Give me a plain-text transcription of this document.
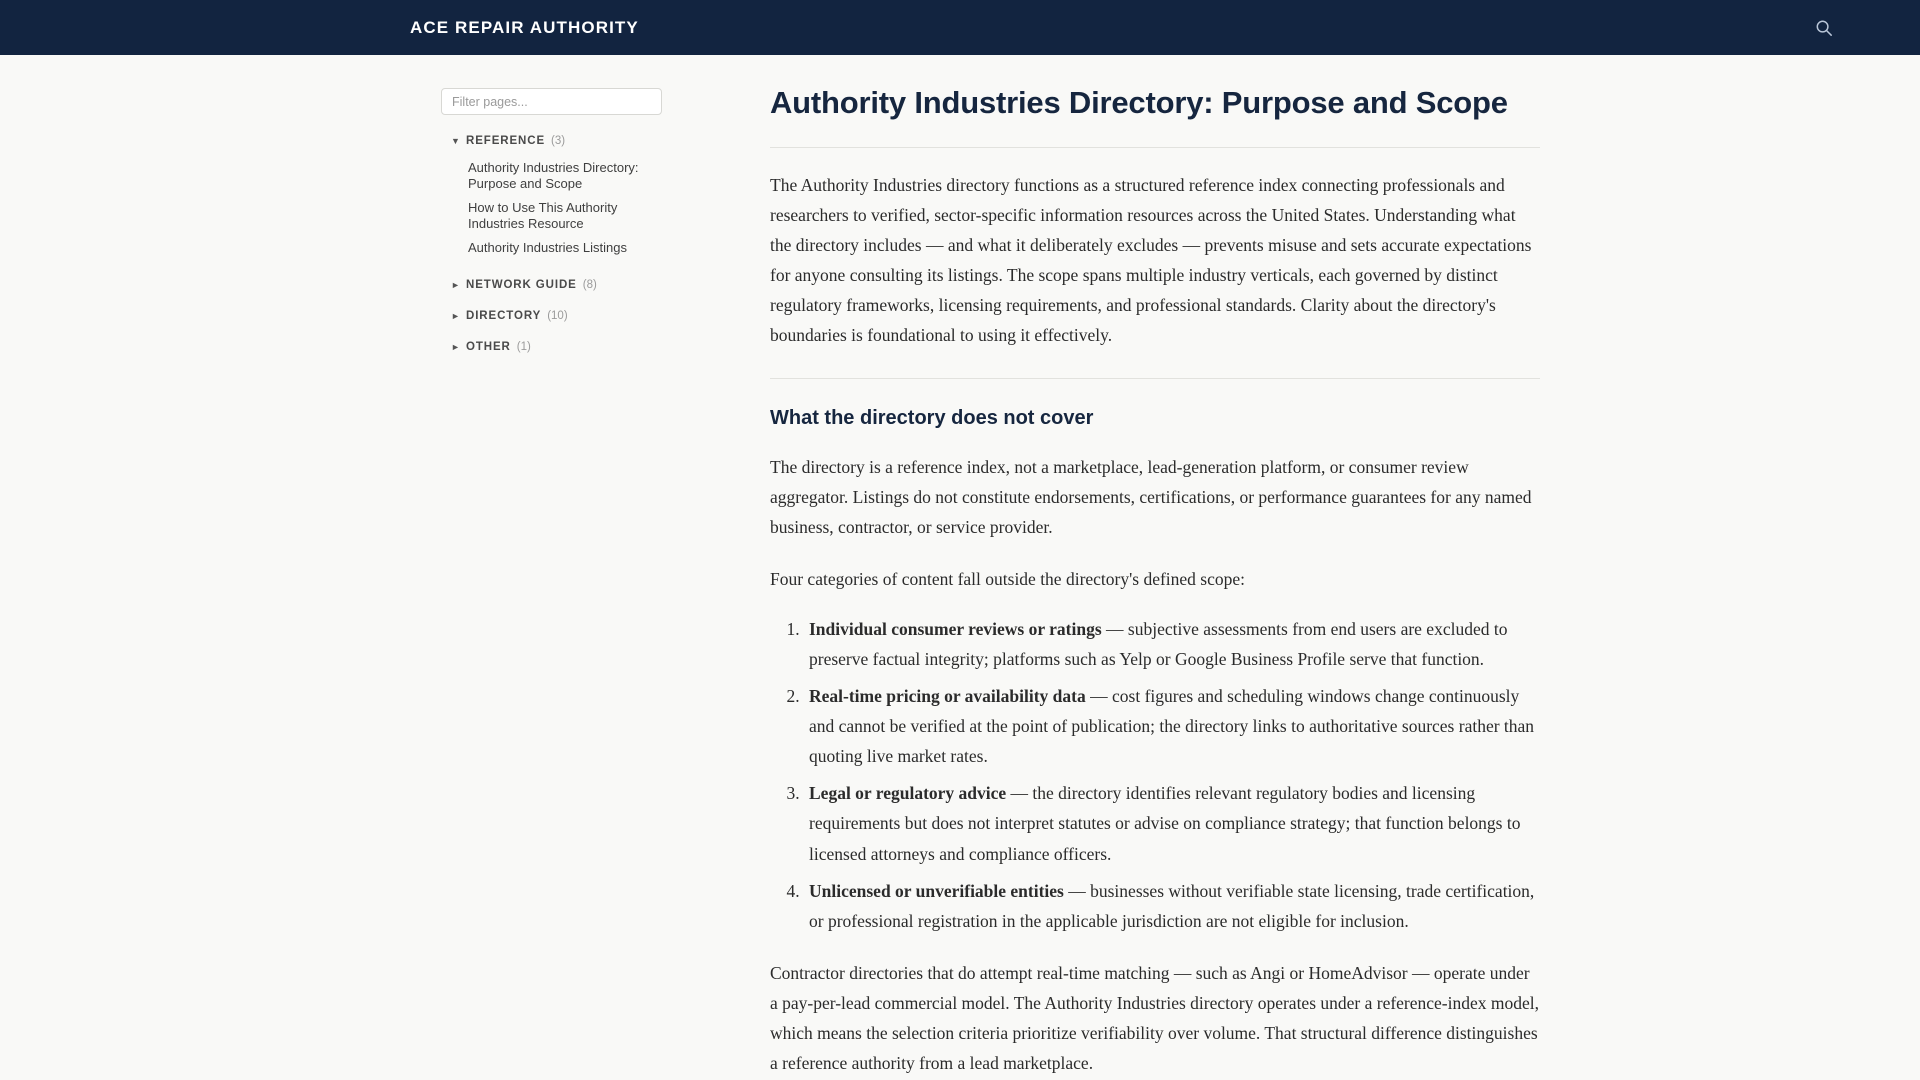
ACE REPAIR AUTHORITY
Filter pages...
▼ REFERENCE (3)
Authority Industries Directory: Purpose and Scope
How to Use This Authority Industries Resource
Authority Industries Listings
► NETWORK GUIDE (8)
► DIRECTORY (10)
► OTHER (1)
Authority Industries Directory: Purpose and Scope

The Authority Industries directory functions as a structured reference index connecting professionals and researchers to verified, sector-specific information resources across the United States. Understanding what the directory includes — and what it deliberately excludes — prevents misuse and sets accurate expectations for anyone consulting its listings. The scope spans multiple industry verticals, each governed by distinct regulatory frameworks, licensing requirements, and professional standards. Clarity about the directory's boundaries is foundational to using it effectively.

What the directory does not cover

The directory is a reference index, not a marketplace, lead-generation platform, or consumer review aggregator. Listings do not constitute endorsements, certifications, or performance guarantees for any named business, contractor, or service provider.

Four categories of content fall outside the directory's defined scope:

1. Individual consumer reviews or ratings — subjective assessments from end users are excluded to preserve factual integrity; platforms such as Yelp or Google Business Profile serve that function.
2. Real-time pricing or availability data — cost figures and scheduling windows change continuously and cannot be verified at the point of publication; the directory links to authoritative sources rather than quoting live market rates.
3. Legal or regulatory advice — the directory identifies relevant regulatory bodies and licensing requirements but does not interpret statutes or advise on compliance strategy; that function belongs to licensed attorneys and compliance officers.
4. Unlicensed or unverifiable entities — businesses without verifiable state licensing, trade certification, or professional registration in the applicable jurisdiction are not eligible for inclusion.

Contractor directories that do attempt real-time matching — such as Angi or HomeAdvisor — operate under a pay-per-lead commercial model. The Authority Industries directory operates under a reference-index model, which means the selection criteria prioritize verifiability over volume. That structural difference distinguishes a reference authority from a lead marketplace.
